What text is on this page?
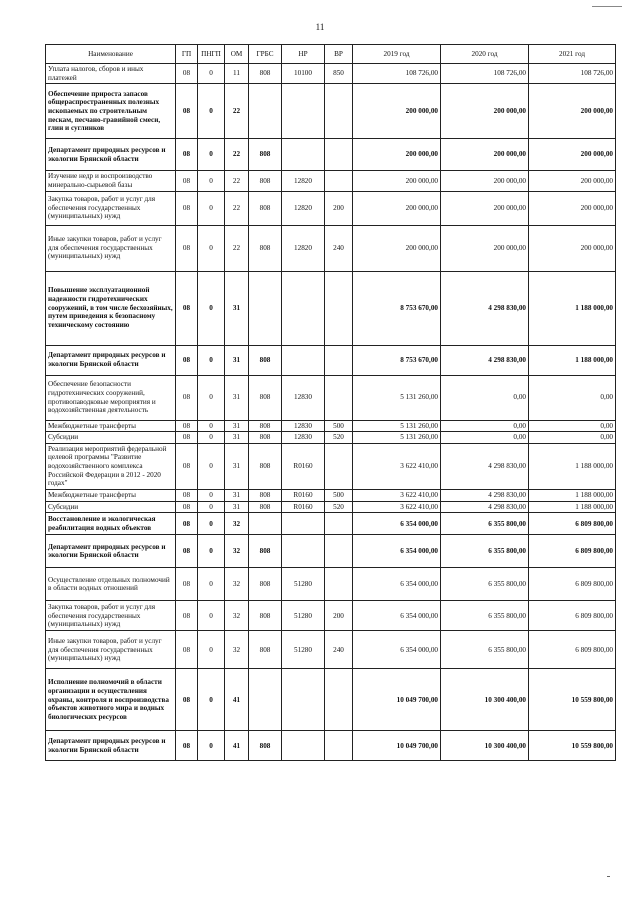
11
Наименование	ГП	ПНГП	ОМ	ГРБС	НР	ВР	2019 год	2020 год	2021 год
Уплата налогов, сборов и иных платежей	08	0	11	808	10100	850	108 726,00	108 726,00	108 726,00
Обеспечение прироста запасов общераспространенных полезных ископаемых по строительным пескам, песчано-гравийной смеси, глин и суглинков	08	0	22				200 000,00	200 000,00	200 000,00
Департамент природных ресурсов и экологии Брянской области	08	0	22	808			200 000,00	200 000,00	200 000,00
Изучение недр и воспроизводство минерально-сырьевой базы	08	0	22	808	12820		200 000,00	200 000,00	200 000,00
Закупка товаров, работ и услуг для обеспечения государственных (муниципальных) нужд	08	0	22	808	12820	200	200 000,00	200 000,00	200 000,00
Иные закупки товаров, работ и услуг для обеспечения государственных (муниципальных) нужд	08	0	22	808	12820	240	200 000,00	200 000,00	200 000,00
Повышение эксплуатационной надежности гидротехнических сооружений, в том числе бесхозяйных, путем приведения к безопасному техническому состоянию	08	0	31				8 753 670,00	4 298 830,00	1 188 000,00
Департамент природных ресурсов и экологии Брянской области	08	0	31	808			8 753 670,00	4 298 830,00	1 188 000,00
Обеспечение безопасности гидротехнических сооружений, противопаводковые мероприятия и водохозяйственная деятельность	08	0	31	808	12830		5 131 260,00	0,00	0,00
Межбюджетные трансферты	08	0	31	808	12830	500	5 131 260,00	0,00	0,00
Субсидии	08	0	31	808	12830	520	5 131 260,00	0,00	0,00
Реализация мероприятий федеральной целевой программы "Развитие водохозяйственного комплекса Российской Федерации в 2012 - 2020 годах"	08	0	31	808	R0160		3 622 410,00	4 298 830,00	1 188 000,00
Межбюджетные трансферты	08	0	31	808	R0160	500	3 622 410,00	4 298 830,00	1 188 000,00
Субсидии	08	0	31	808	R0160	520	3 622 410,00	4 298 830,00	1 188 000,00
Восстановление и экологическая реабилитация водных объектов	08	0	32				6 354 000,00	6 355 800,00	6 809 800,00
Департамент природных ресурсов и экологии Брянской области	08	0	32	808			6 354 000,00	6 355 800,00	6 809 800,00
Осуществление отдельных полномочий в области водных отношений	08	0	32	808	51280		6 354 000,00	6 355 800,00	6 809 800,00
Закупка товаров, работ и услуг для обеспечения государственных (муниципальных) нужд	08	0	32	808	51280	200	6 354 000,00	6 355 800,00	6 809 800,00
Иные закупки товаров, работ и услуг для обеспечения государственных (муниципальных) нужд	08	0	32	808	51280	240	6 354 000,00	6 355 800,00	6 809 800,00
Исполнение полномочий в области организации и осуществления охраны, контроля и воспроизводства объектов животного мира и водных биологических ресурсов	08	0	41				10 049 700,00	10 300 400,00	10 559 800,00
Департамент природных ресурсов и экологии Брянской области	08	0	41	808			10 049 700,00	10 300 400,00	10 559 800,00
